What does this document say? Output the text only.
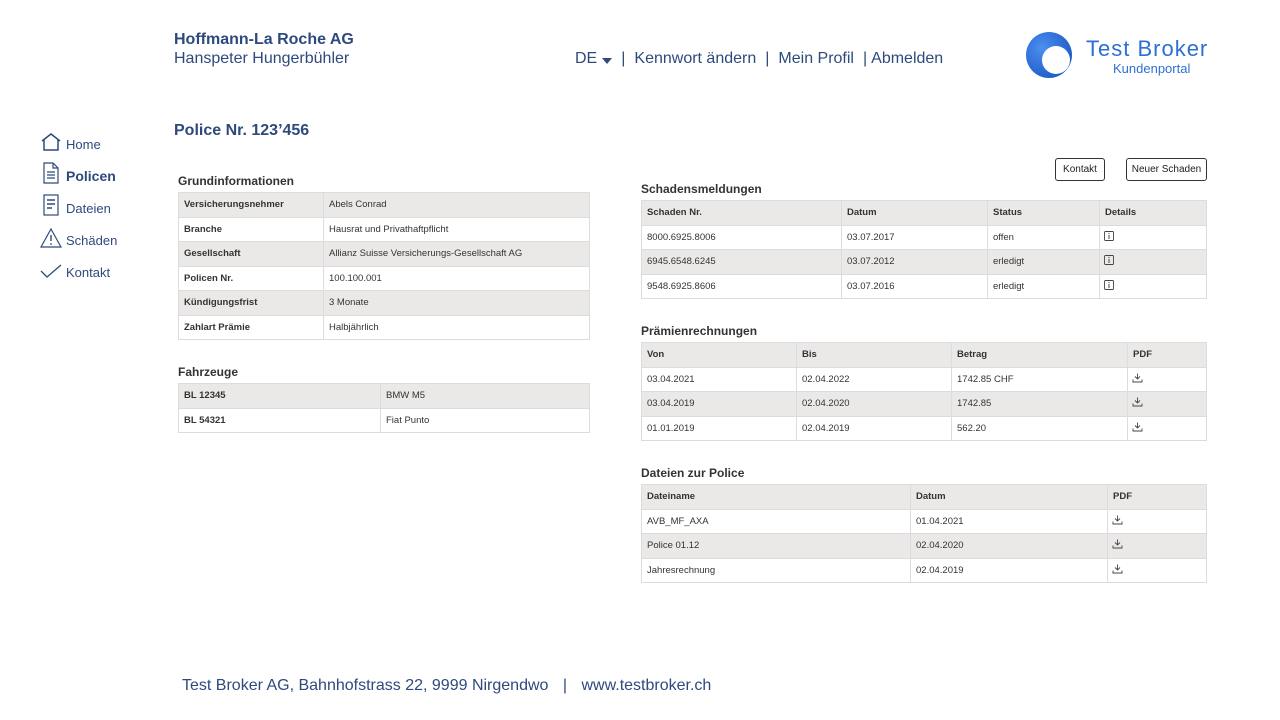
Hoffmann-La Roche AG
Hanspeter Hungerbühler	DE | Kennwort ändern | Mein Profil | Abmelden	Test Broker
Kundenportal
Home
Policen
Dateien
Schäden
Kontakt
Police Nr. 123’456
Kontakt	Neuer Schaden
Grundinformationen
Versicherungsnehmer	Abels Conrad
Branche	Hausrat und Privathaftpflicht
Gesellschaft	Allianz Suisse Versicherungs-Gesellschaft AG
Policen Nr.	100.100.001
Kündigungsfrist	3 Monate
Zahlart Prämie	Halbjährlich
Fahrzeuge
BL 12345	BMW M5
BL 54321	Fiat Punto
Schadensmeldungen
Schaden Nr.	Datum	Status	Details
8000.6925.8006	03.07.2017	offen	
6945.6548.6245	03.07.2012	erledigt	
9548.6925.8606	03.07.2016	erledigt	
Prämienrechnungen
Von	Bis	Betrag	PDF
03.04.2021	02.04.2022	1742.85 CHF	
03.04.2019	02.04.2020	1742.85	
01.01.2019	02.04.2019	562.20	
Dateien zur Police
Dateiname	Datum	PDF
AVB_MF_AXA	01.04.2021	
Police 01.12	02.04.2020	
Jahresrechnung	02.04.2019	
Test Broker AG, Bahnhofstrass 22, 9999 Nirgendwo | www.testbroker.ch
